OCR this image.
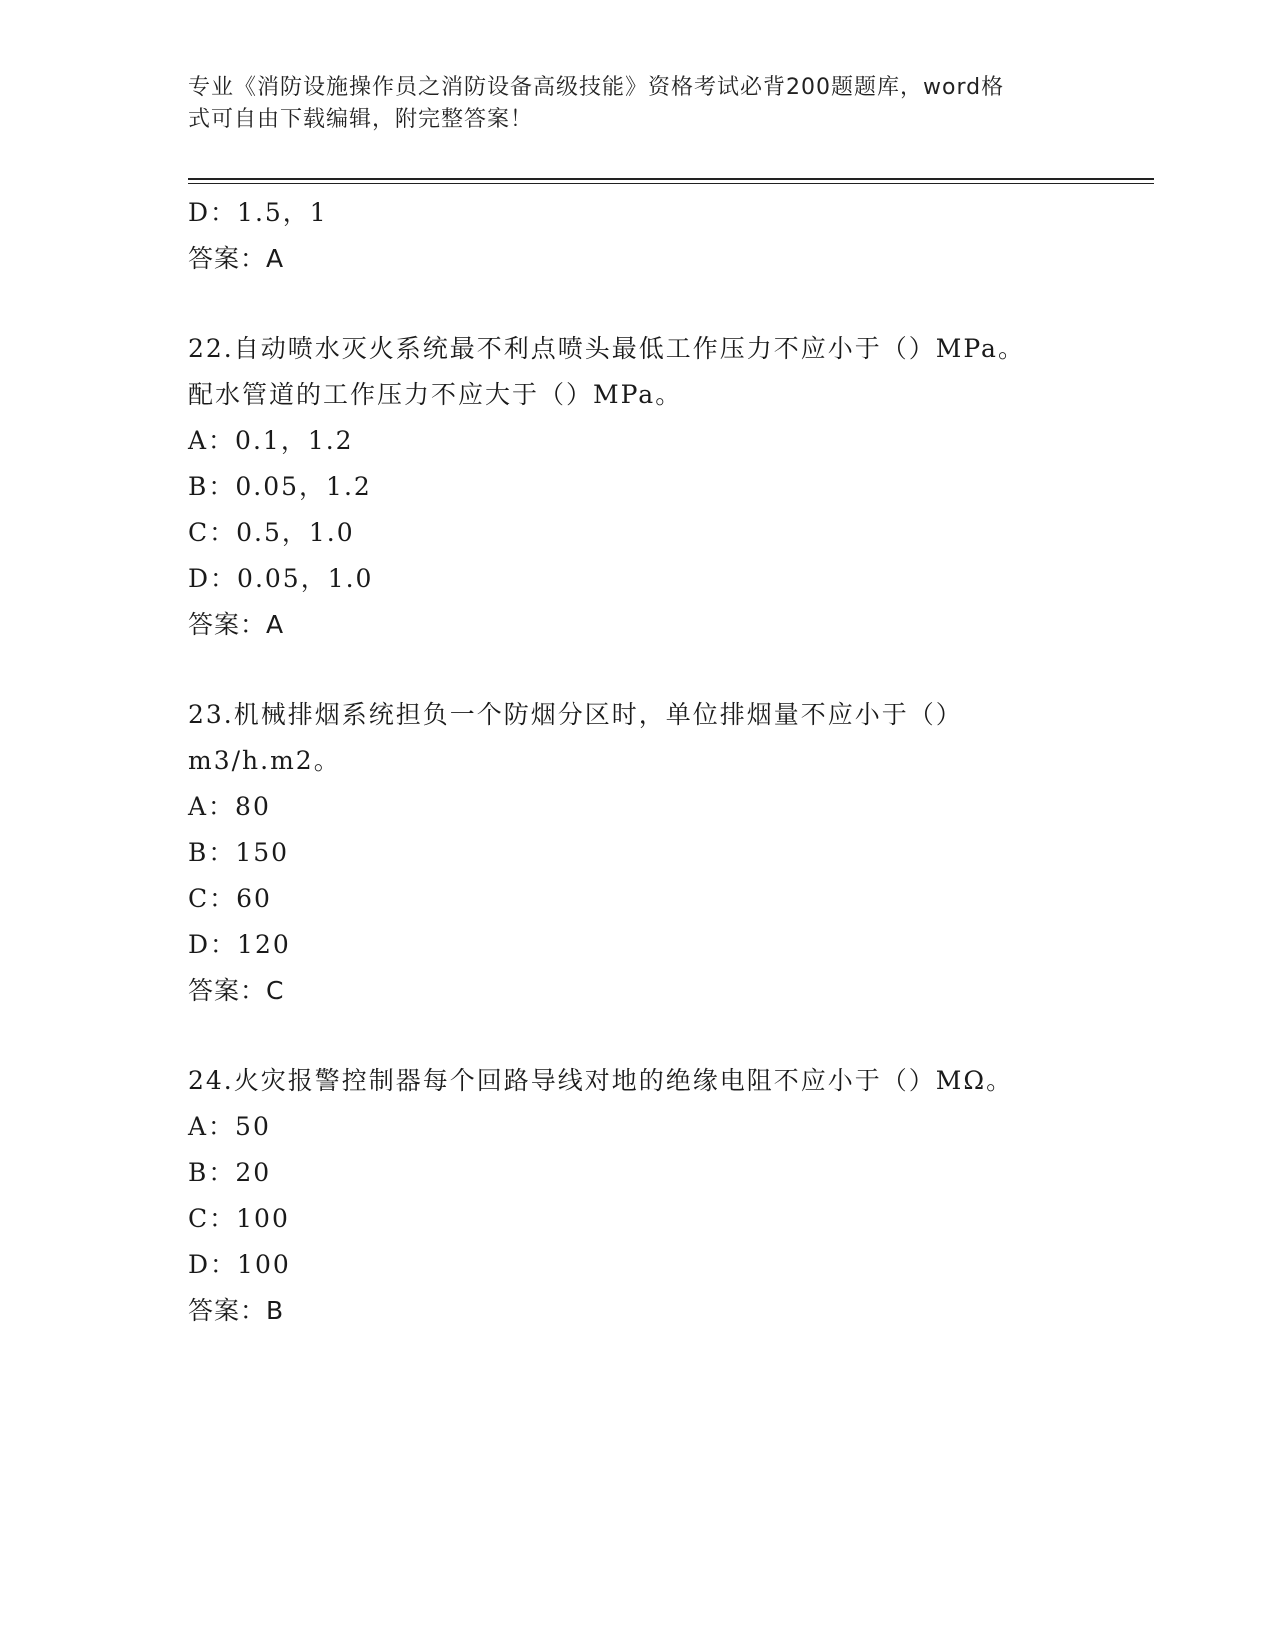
专业《消防设施操作员之消防设备高级技能》资格考试必背200题题库，word格
式可自由下载编辑，附完整答案！
D：1.5，1
答案：A
22.自动喷水灭火系统最不利点喷头最低工作压力不应小于（）MPa。
配水管道的工作压力不应大于（）MPa。
A：0.1，1.2
B：0.05，1.2
C：0.5，1.0
D：0.05，1.0
答案：A
23.机械排烟系统担负一个防烟分区时，单位排烟量不应小于（）
m3/h.m2。
A：80
B：150
C：60
D：120
答案：C
24.火灾报警控制器每个回路导线对地的绝缘电阻不应小于（）MΩ。
A：50
B：20
C：100
D：100
答案：B
